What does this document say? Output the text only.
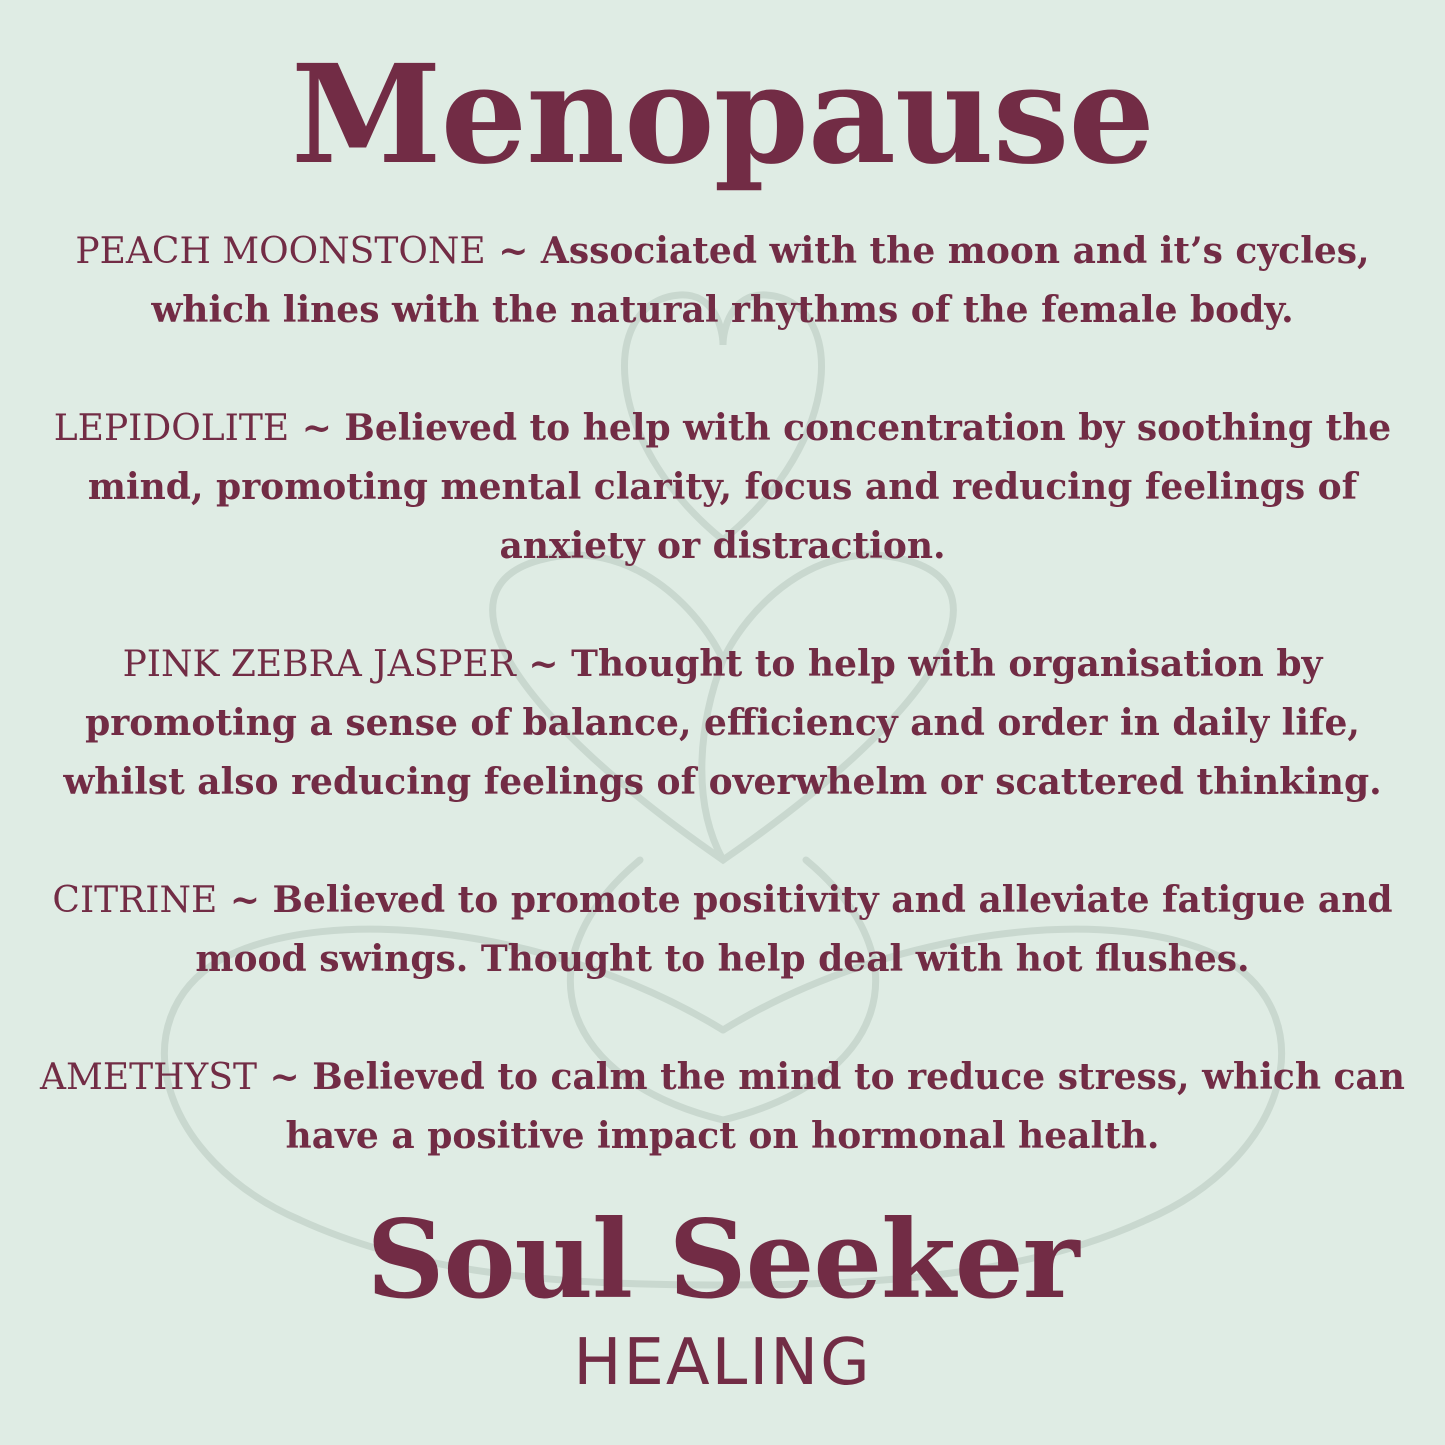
Menopause

PEACH MOONSTONE ~ Associated with the moon and it’s cycles, which lines with the natural rhythms of the female body.

LEPIDOLITE ~ Believed to help with concentration by soothing the mind, promoting mental clarity, focus and reducing feelings of anxiety or distraction.

PINK ZEBRA JASPER ~ Thought to help with organisation by promoting a sense of balance, efficiency and order in daily life, whilst also reducing feelings of overwhelm or scattered thinking.

CITRINE ~ Believed to promote positivity and alleviate fatigue and mood swings. Thought to help deal with hot flushes.

AMETHYST ~ Believed to calm the mind to reduce stress, which can have a positive impact on hormonal health.

Soul Seeker
HEALING
